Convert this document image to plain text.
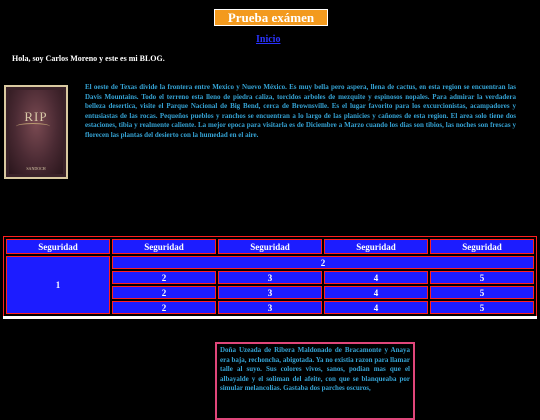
Prueba exámen
Inicio
Hola, soy Carlos Moreno y este es mi BLOG.
RIP
SANDOCH
El oeste de Texas divide la frontera entre Mexico y Nuevo México. Es muy bella pero aspera, llena de cactus, en esta region se encuentran las Davis Mountains. Todo el terreno esta lleno de piedra caliza, torcidos arboles de mezquite y espinosos nopales. Para admirar la verdadera belleza desertica, visite el Parque Nacional de Big Bend, cerca de Brownsville. Es el lugar favorito para los excurcionistas, acampadores y entusiastas de las rocas. Pequeños pueblos y ranchos se encuentran a lo largo de las planicies y cañones de esta region. El area solo tiene dos estaciones, tibia y realmente caliente. La mejor epoca para visitarla es de Diciembre a Marzo cuando los dias son tibios, las noches son frescas y florecen las plantas del desierto con la humedad en el aire.
Seguridad	Seguridad	Seguridad	Seguridad	Seguridad
1	2			
	2	3	4	5
	2	3	4	5
	2	3	4	5
Doña Uzeada de Ribera Maldonado de Bracamonte y Anaya era baja, rechoncha, abigotada. Ya no existia razon para llamar talle al suyo. Sus colores vivos, sanos, podian mas que el albayalde y el soliman del afeite, con que se blanqueaba por simular melancolias. Gastaba dos parches oscuros,
